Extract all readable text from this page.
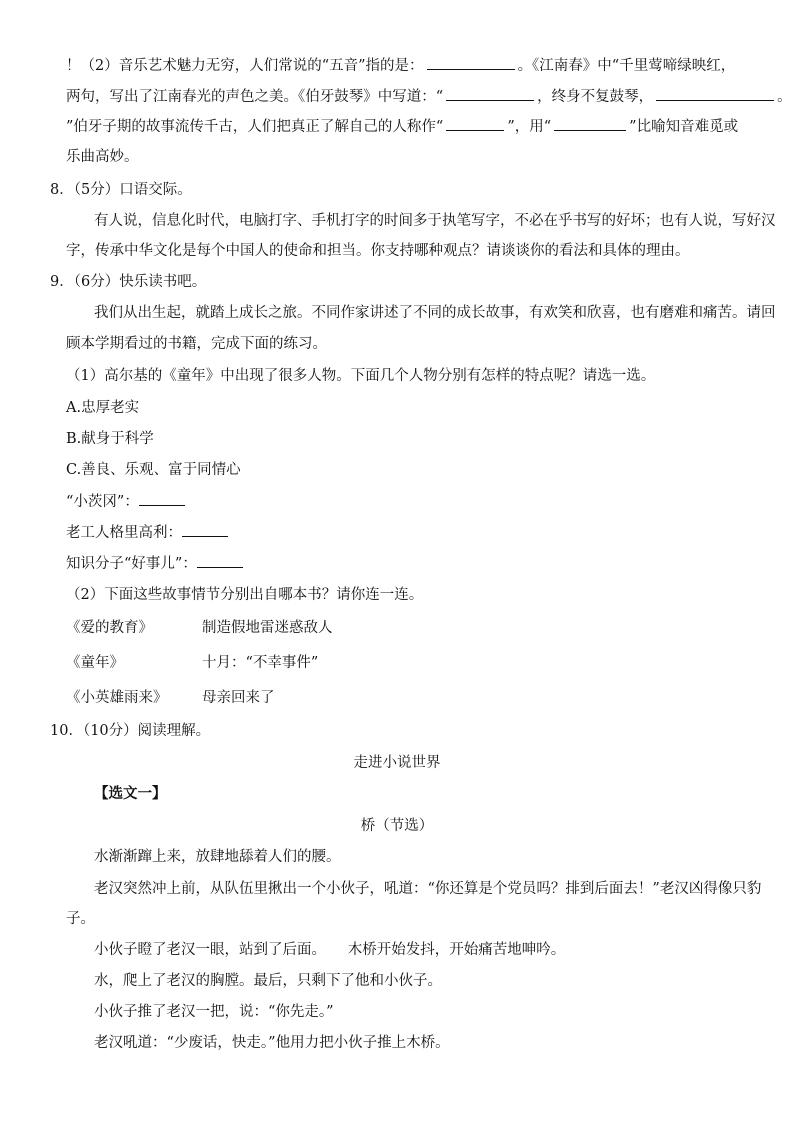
！（2）音乐艺术魅力无穷，人们常说的“五音”指的是：	。《江南春》中“千里莺啼绿映红，
两句，写出了江南春光的声色之美。《伯牙鼓琴》中写道：“	，终身不复鼓琴，	。
”伯牙子期的故事流传千古，人们把真正了解自己的人称作“	”，用“	”比喻知音难觅或
乐曲高妙。
8．（5分）口语交际。
有人说，信息化时代，电脑打字、手机打字的时间多于执笔写字，不必在乎书写的好坏；也有人说，写好汉
字，传承中华文化是每个中国人的使命和担当。你支持哪种观点？请谈谈你的看法和具体的理由。
9．（6分）快乐读书吧。
我们从出生起，就踏上成长之旅。不同作家讲述了不同的成长故事，有欢笑和欣喜，也有磨难和痛苦。请回
顾本学期看过的书籍，完成下面的练习。
（1）高尔基的《童年》中出现了很多人物。下面几个人物分别有怎样的特点呢？请选一选。
A.忠厚老实
B.献身于科学
C.善良、乐观、富于同情心
“小茨冈”：
老工人格里高利：
知识分子“好事儿”：
（2）下面这些故事情节分别出自哪本书？请你连一连。
《爱的教育》	制造假地雷迷惑敌人
《童年》	十月：“不幸事件”
《小英雄雨来》 母亲回来了
10．（10分）阅读理解。
走进小说世界
【选文一】
桥（节选）
水渐渐蹿上来，放肆地舔着人们的腰。
老汉突然冲上前，从队伍里揪出一个小伙子，吼道：“你还算是个党员吗？排到后面去！”老汉凶得像只豹
子。
小伙子瞪了老汉一眼，站到了后面。　　木桥开始发抖，开始痛苦地呻吟。
水，爬上了老汉的胸膛。最后，只剩下了他和小伙子。
小伙子推了老汉一把，说：“你先走。”
老汉吼道：“少废话，快走。”他用力把小伙子推上木桥。
